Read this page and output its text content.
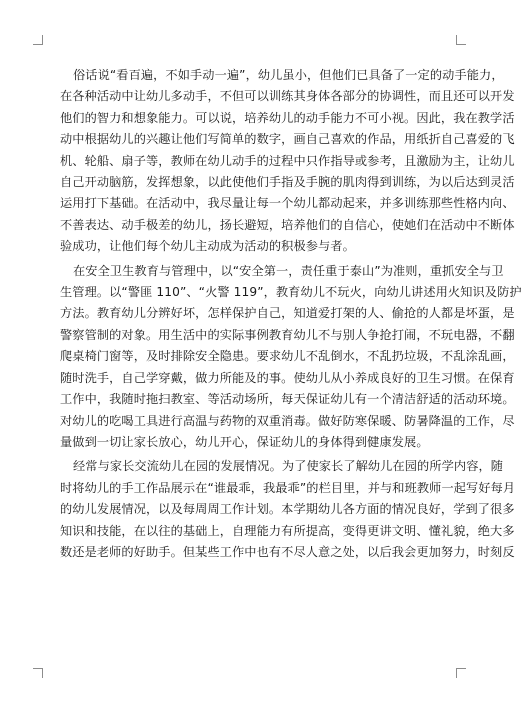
俗话说“看百遍，不如手动一遍”，幼儿虽小，但他们已具备了一定的动手能力，
在各种活动中让幼儿多动手，不但可以训练其身体各部分的协调性，而且还可以开发
他们的智力和想象能力。可以说，培养幼儿的动手能力不可小视。因此，我在教学活
动中根据幼儿的兴趣让他们写简单的数字，画自己喜欢的作品，用纸折自己喜爱的飞
机、轮船、扇子等，教师在幼儿动手的过程中只作指导或参考，且激励为主，让幼儿
自己开动脑筋，发挥想象，以此使他们手指及手腕的肌肉得到训练，为以后达到灵活
运用打下基础。在活动中，我尽量让每一个幼儿都动起来，并多训练那些性格内向、
不善表达、动手极差的幼儿，扬长避短，培养他们的自信心，使她们在活动中不断体
验成功，让他们每个幼儿主动成为活动的积极参与者。

在安全卫生教育与管理中，以“安全第一，责任重于泰山”为准则，重抓安全与卫
生管理。以“警匪 110”、“火警 119”，教育幼儿不玩火，向幼儿讲述用火知识及防护
方法。教育幼儿分辨好坏，怎样保护自己，知道爱打架的人、偷抢的人都是坏蛋，是
警察管制的对象。用生活中的实际事例教育幼儿不与别人争抢打闹，不玩电器，不翻
爬桌椅门窗等，及时排除安全隐患。要求幼儿不乱倒水，不乱扔垃圾，不乱涂乱画，
随时洗手，自己学穿戴，做力所能及的事。使幼儿从小养成良好的卫生习惯。在保育
工作中，我随时拖扫教室、等活动场所，每天保证幼儿有一个清洁舒适的活动环境。
对幼儿的吃喝工具进行高温与药物的双重消毒。做好防寒保暖、防暑降温的工作，尽
量做到一切让家长放心，幼儿开心，保证幼儿的身体得到健康发展。

经常与家长交流幼儿在园的发展情况。为了使家长了解幼儿在园的所学内容，随
时将幼儿的手工作品展示在“谁最乖，我最乖”的栏目里，并与和班教师一起写好每月
的幼儿发展情况，以及每周周工作计划。本学期幼儿各方面的情况良好，学到了很多
知识和技能，在以往的基础上，自理能力有所提高，变得更讲文明、懂礼貌，绝大多
数还是老师的好助手。但某些工作中也有不尽人意之处，以后我会更加努力，时刻反
